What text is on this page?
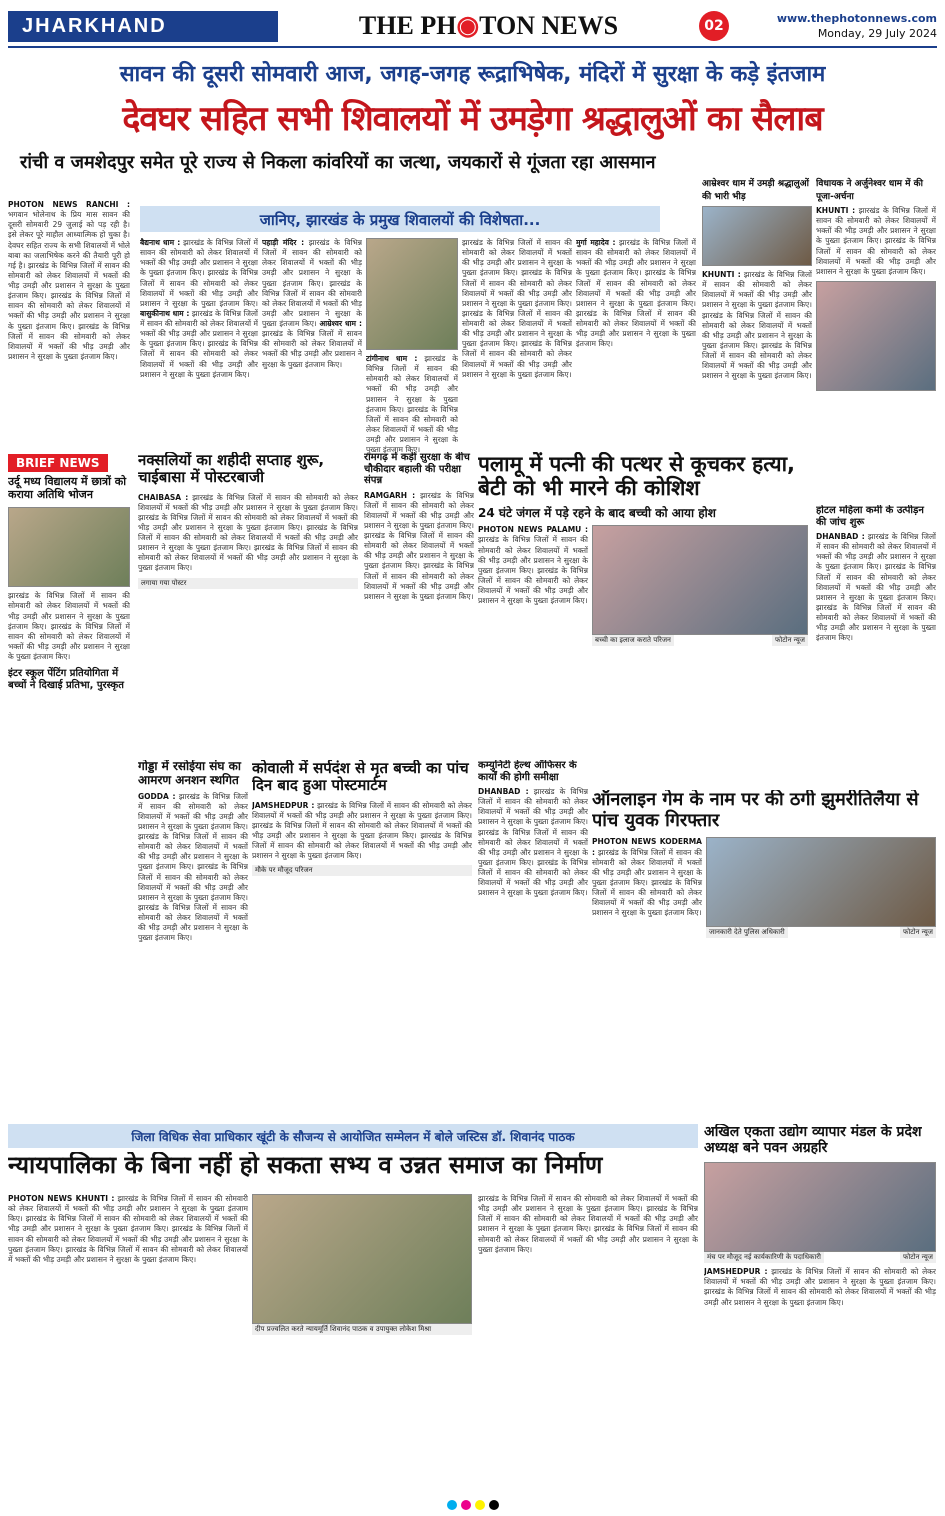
JHARKHAND	THE PH◉TON NEWS	02	www.thephotonnews.com
Monday, 29 July 2024
सावन की दूसरी सोमवारी आज, जगह-जगह रूद्राभिषेक, मंदिरों में सुरक्षा के कड़े इंतजाम
देवघर सहित सभी शिवालयों में उमड़ेगा श्रद्धालुओं का सैलाब
रांची व जमशेदपुर समेत पूरे राज्य से निकला कांवरियों का जत्था, जयकारों से गूंजता रहा आसमान
PHOTON NEWS RANCHI : भगवान भोलेनाथ के प्रिय मास सावन की दूसरी सोमवारी 29 जुलाई को पड़ रही है। इसे लेकर पूरे माहौल आध्यात्मिक हो चुका है। देवघर सहित राज्य के सभी शिवालयों में भोले बाबा का जलाभिषेक करने की तैयारी पूरी हो गई है। झारखंड के विभिन्न जिलों में सावन की सोमवारी को लेकर शिवालयों में भक्तों की भीड़ उमड़ी और प्रशासन ने सुरक्षा के पुख्ता इंतजाम किए। झारखंड के विभिन्न जिलों में सावन की सोमवारी को लेकर शिवालयों में भक्तों की भीड़ उमड़ी और प्रशासन ने सुरक्षा के पुख्ता इंतजाम किए। झारखंड के विभिन्न जिलों में सावन की सोमवारी को लेकर शिवालयों में भक्तों की भीड़ उमड़ी और प्रशासन ने सुरक्षा के पुख्ता इंतजाम किए।
जानिए, झारखंड के प्रमुख शिवालयों की विशेषता...
बैद्यनाथ धाम : झारखंड के विभिन्न जिलों में सावन की सोमवारी को लेकर शिवालयों में भक्तों की भीड़ उमड़ी और प्रशासन ने सुरक्षा के पुख्ता इंतजाम किए। झारखंड के विभिन्न जिलों में सावन की सोमवारी को लेकर शिवालयों में भक्तों की भीड़ उमड़ी और प्रशासन ने सुरक्षा के पुख्ता इंतजाम किए। बासुकीनाथ धाम : झारखंड के विभिन्न जिलों में सावन की सोमवारी को लेकर शिवालयों में भक्तों की भीड़ उमड़ी और प्रशासन ने सुरक्षा के पुख्ता इंतजाम किए। झारखंड के विभिन्न जिलों में सावन की सोमवारी को लेकर शिवालयों में भक्तों की भीड़ उमड़ी और प्रशासन ने सुरक्षा के पुख्ता इंतजाम किए।
पहाड़ी मंदिर : झारखंड के विभिन्न जिलों में सावन की सोमवारी को लेकर शिवालयों में भक्तों की भीड़ उमड़ी और प्रशासन ने सुरक्षा के पुख्ता इंतजाम किए। झारखंड के विभिन्न जिलों में सावन की सोमवारी को लेकर शिवालयों में भक्तों की भीड़ उमड़ी और प्रशासन ने सुरक्षा के पुख्ता इंतजाम किए। आम्रेश्वर धाम : झारखंड के विभिन्न जिलों में सावन की सोमवारी को लेकर शिवालयों में भक्तों की भीड़ उमड़ी और प्रशासन ने सुरक्षा के पुख्ता इंतजाम किए।
टांगीनाथ धाम : झारखंड के विभिन्न जिलों में सावन की सोमवारी को लेकर शिवालयों में भक्तों की भीड़ उमड़ी और प्रशासन ने सुरक्षा के पुख्ता इंतजाम किए। झारखंड के विभिन्न जिलों में सावन की सोमवारी को लेकर शिवालयों में भक्तों की भीड़ उमड़ी और प्रशासन ने सुरक्षा के पुख्ता इंतजाम किए।
झारखंड के विभिन्न जिलों में सावन की सोमवारी को लेकर शिवालयों में भक्तों की भीड़ उमड़ी और प्रशासन ने सुरक्षा के पुख्ता इंतजाम किए। झारखंड के विभिन्न जिलों में सावन की सोमवारी को लेकर शिवालयों में भक्तों की भीड़ उमड़ी और प्रशासन ने सुरक्षा के पुख्ता इंतजाम किए। झारखंड के विभिन्न जिलों में सावन की सोमवारी को लेकर शिवालयों में भक्तों की भीड़ उमड़ी और प्रशासन ने सुरक्षा के पुख्ता इंतजाम किए। झारखंड के विभिन्न जिलों में सावन की सोमवारी को लेकर शिवालयों में भक्तों की भीड़ उमड़ी और प्रशासन ने सुरक्षा के पुख्ता इंतजाम किए।
मुर्गा महादेव : झारखंड के विभिन्न जिलों में सावन की सोमवारी को लेकर शिवालयों में भक्तों की भीड़ उमड़ी और प्रशासन ने सुरक्षा के पुख्ता इंतजाम किए। झारखंड के विभिन्न जिलों में सावन की सोमवारी को लेकर शिवालयों में भक्तों की भीड़ उमड़ी और प्रशासन ने सुरक्षा के पुख्ता इंतजाम किए। झारखंड के विभिन्न जिलों में सावन की सोमवारी को लेकर शिवालयों में भक्तों की भीड़ उमड़ी और प्रशासन ने सुरक्षा के पुख्ता इंतजाम किए।
आम्रेश्वर धाम में उमड़ी श्रद्धालुओं की भारी भीड़
KHUNTI : झारखंड के विभिन्न जिलों में सावन की सोमवारी को लेकर शिवालयों में भक्तों की भीड़ उमड़ी और प्रशासन ने सुरक्षा के पुख्ता इंतजाम किए। झारखंड के विभिन्न जिलों में सावन की सोमवारी को लेकर शिवालयों में भक्तों की भीड़ उमड़ी और प्रशासन ने सुरक्षा के पुख्ता इंतजाम किए। झारखंड के विभिन्न जिलों में सावन की सोमवारी को लेकर शिवालयों में भक्तों की भीड़ उमड़ी और प्रशासन ने सुरक्षा के पुख्ता इंतजाम किए।
विधायक ने अर्जुनेश्वर धाम में की पूजा-अर्चना
KHUNTI : झारखंड के विभिन्न जिलों में सावन की सोमवारी को लेकर शिवालयों में भक्तों की भीड़ उमड़ी और प्रशासन ने सुरक्षा के पुख्ता इंतजाम किए। झारखंड के विभिन्न जिलों में सावन की सोमवारी को लेकर शिवालयों में भक्तों की भीड़ उमड़ी और प्रशासन ने सुरक्षा के पुख्ता इंतजाम किए।
BRIEF NEWS
उर्दू मध्य विद्यालय में छात्रों को कराया अतिथि भोजन
झारखंड के विभिन्न जिलों में सावन की सोमवारी को लेकर शिवालयों में भक्तों की भीड़ उमड़ी और प्रशासन ने सुरक्षा के पुख्ता इंतजाम किए। झारखंड के विभिन्न जिलों में सावन की सोमवारी को लेकर शिवालयों में भक्तों की भीड़ उमड़ी और प्रशासन ने सुरक्षा के पुख्ता इंतजाम किए।
इंटर स्कूल पेंटिंग प्रतियोगिता में बच्चों ने दिखाई प्रतिभा, पुरस्कृत
नक्सलियों का शहीदी सप्ताह शुरू, चाईबासा में पोस्टरबाजी
CHAIBASA : झारखंड के विभिन्न जिलों में सावन की सोमवारी को लेकर शिवालयों में भक्तों की भीड़ उमड़ी और प्रशासन ने सुरक्षा के पुख्ता इंतजाम किए। झारखंड के विभिन्न जिलों में सावन की सोमवारी को लेकर शिवालयों में भक्तों की भीड़ उमड़ी और प्रशासन ने सुरक्षा के पुख्ता इंतजाम किए। झारखंड के विभिन्न जिलों में सावन की सोमवारी को लेकर शिवालयों में भक्तों की भीड़ उमड़ी और प्रशासन ने सुरक्षा के पुख्ता इंतजाम किए। झारखंड के विभिन्न जिलों में सावन की सोमवारी को लेकर शिवालयों में भक्तों की भीड़ उमड़ी और प्रशासन ने सुरक्षा के पुख्ता इंतजाम किए।
लगाया गया पोस्टर
रामगढ़ में कड़ी सुरक्षा के बीच चौकीदार बहाली की परीक्षा संपन्न
RAMGARH : झारखंड के विभिन्न जिलों में सावन की सोमवारी को लेकर शिवालयों में भक्तों की भीड़ उमड़ी और प्रशासन ने सुरक्षा के पुख्ता इंतजाम किए। झारखंड के विभिन्न जिलों में सावन की सोमवारी को लेकर शिवालयों में भक्तों की भीड़ उमड़ी और प्रशासन ने सुरक्षा के पुख्ता इंतजाम किए। झारखंड के विभिन्न जिलों में सावन की सोमवारी को लेकर शिवालयों में भक्तों की भीड़ उमड़ी और प्रशासन ने सुरक्षा के पुख्ता इंतजाम किए।
पलामू में पत्नी की पत्थर से कूचकर हत्या, बेटी को भी मारने की कोशिश
24 घंटे जंगल में पड़े रहने के बाद बच्ची को आया होश
PHOTON NEWS PALAMU : झारखंड के विभिन्न जिलों में सावन की सोमवारी को लेकर शिवालयों में भक्तों की भीड़ उमड़ी और प्रशासन ने सुरक्षा के पुख्ता इंतजाम किए। झारखंड के विभिन्न जिलों में सावन की सोमवारी को लेकर शिवालयों में भक्तों की भीड़ उमड़ी और प्रशासन ने सुरक्षा के पुख्ता इंतजाम किए।
बच्ची का इलाज कराते परिजन	फोटोन न्यूज
होटल महिला कर्मी के उत्पीड़न की जांच शुरू
DHANBAD : झारखंड के विभिन्न जिलों में सावन की सोमवारी को लेकर शिवालयों में भक्तों की भीड़ उमड़ी और प्रशासन ने सुरक्षा के पुख्ता इंतजाम किए। झारखंड के विभिन्न जिलों में सावन की सोमवारी को लेकर शिवालयों में भक्तों की भीड़ उमड़ी और प्रशासन ने सुरक्षा के पुख्ता इंतजाम किए। झारखंड के विभिन्न जिलों में सावन की सोमवारी को लेकर शिवालयों में भक्तों की भीड़ उमड़ी और प्रशासन ने सुरक्षा के पुख्ता इंतजाम किए।
गोड्डा में रसोईया संघ का आमरण अनशन स्थगित
GODDA : झारखंड के विभिन्न जिलों में सावन की सोमवारी को लेकर शिवालयों में भक्तों की भीड़ उमड़ी और प्रशासन ने सुरक्षा के पुख्ता इंतजाम किए। झारखंड के विभिन्न जिलों में सावन की सोमवारी को लेकर शिवालयों में भक्तों की भीड़ उमड़ी और प्रशासन ने सुरक्षा के पुख्ता इंतजाम किए। झारखंड के विभिन्न जिलों में सावन की सोमवारी को लेकर शिवालयों में भक्तों की भीड़ उमड़ी और प्रशासन ने सुरक्षा के पुख्ता इंतजाम किए। झारखंड के विभिन्न जिलों में सावन की सोमवारी को लेकर शिवालयों में भक्तों की भीड़ उमड़ी और प्रशासन ने सुरक्षा के पुख्ता इंतजाम किए।
कोवाली में सर्पदंश से मृत बच्ची का पांच दिन बाद हुआ पोस्टमार्टम
JAMSHEDPUR : झारखंड के विभिन्न जिलों में सावन की सोमवारी को लेकर शिवालयों में भक्तों की भीड़ उमड़ी और प्रशासन ने सुरक्षा के पुख्ता इंतजाम किए। झारखंड के विभिन्न जिलों में सावन की सोमवारी को लेकर शिवालयों में भक्तों की भीड़ उमड़ी और प्रशासन ने सुरक्षा के पुख्ता इंतजाम किए। झारखंड के विभिन्न जिलों में सावन की सोमवारी को लेकर शिवालयों में भक्तों की भीड़ उमड़ी और प्रशासन ने सुरक्षा के पुख्ता इंतजाम किए।
मौके पर मौजूद परिजन
कम्युनिटी हेल्थ ऑफिसर के कार्यों की होगी समीक्षा
DHANBAD : झारखंड के विभिन्न जिलों में सावन की सोमवारी को लेकर शिवालयों में भक्तों की भीड़ उमड़ी और प्रशासन ने सुरक्षा के पुख्ता इंतजाम किए। झारखंड के विभिन्न जिलों में सावन की सोमवारी को लेकर शिवालयों में भक्तों की भीड़ उमड़ी और प्रशासन ने सुरक्षा के पुख्ता इंतजाम किए। झारखंड के विभिन्न जिलों में सावन की सोमवारी को लेकर शिवालयों में भक्तों की भीड़ उमड़ी और प्रशासन ने सुरक्षा के पुख्ता इंतजाम किए।
ऑनलाइन गेम के नाम पर की ठगी झुमरीतिलैया से पांच युवक गिरफ्तार
PHOTON NEWS KODERMA : झारखंड के विभिन्न जिलों में सावन की सोमवारी को लेकर शिवालयों में भक्तों की भीड़ उमड़ी और प्रशासन ने सुरक्षा के पुख्ता इंतजाम किए। झारखंड के विभिन्न जिलों में सावन की सोमवारी को लेकर शिवालयों में भक्तों की भीड़ उमड़ी और प्रशासन ने सुरक्षा के पुख्ता इंतजाम किए।
जानकारी देते पुलिस अधिकारी	फोटोन न्यूज
जिला विधिक सेवा प्राधिकार खूंटी के सौजन्य से आयोजित सम्मेलन में बोले जस्टिस डॉ. शिवानंद पाठक
न्यायपालिका के बिना नहीं हो सकता सभ्य व उन्नत समाज का निर्माण
PHOTON NEWS KHUNTI : झारखंड के विभिन्न जिलों में सावन की सोमवारी को लेकर शिवालयों में भक्तों की भीड़ उमड़ी और प्रशासन ने सुरक्षा के पुख्ता इंतजाम किए। झारखंड के विभिन्न जिलों में सावन की सोमवारी को लेकर शिवालयों में भक्तों की भीड़ उमड़ी और प्रशासन ने सुरक्षा के पुख्ता इंतजाम किए। झारखंड के विभिन्न जिलों में सावन की सोमवारी को लेकर शिवालयों में भक्तों की भीड़ उमड़ी और प्रशासन ने सुरक्षा के पुख्ता इंतजाम किए। झारखंड के विभिन्न जिलों में सावन की सोमवारी को लेकर शिवालयों में भक्तों की भीड़ उमड़ी और प्रशासन ने सुरक्षा के पुख्ता इंतजाम किए।
दीप प्रज्वलित करते न्यायमूर्ति शिवानंद पाठक व उपायुक्त लोकेश मिश्रा
झारखंड के विभिन्न जिलों में सावन की सोमवारी को लेकर शिवालयों में भक्तों की भीड़ उमड़ी और प्रशासन ने सुरक्षा के पुख्ता इंतजाम किए। झारखंड के विभिन्न जिलों में सावन की सोमवारी को लेकर शिवालयों में भक्तों की भीड़ उमड़ी और प्रशासन ने सुरक्षा के पुख्ता इंतजाम किए। झारखंड के विभिन्न जिलों में सावन की सोमवारी को लेकर शिवालयों में भक्तों की भीड़ उमड़ी और प्रशासन ने सुरक्षा के पुख्ता इंतजाम किए।
अखिल एकता उद्योग व्यापार मंडल के प्रदेश अध्यक्ष बने पवन अग्रहरि
मंच पर मौजूद नई कार्यकारिणी के पदाधिकारी	फोटोन न्यूज
JAMSHEDPUR : झारखंड के विभिन्न जिलों में सावन की सोमवारी को लेकर शिवालयों में भक्तों की भीड़ उमड़ी और प्रशासन ने सुरक्षा के पुख्ता इंतजाम किए। झारखंड के विभिन्न जिलों में सावन की सोमवारी को लेकर शिवालयों में भक्तों की भीड़ उमड़ी और प्रशासन ने सुरक्षा के पुख्ता इंतजाम किए।
